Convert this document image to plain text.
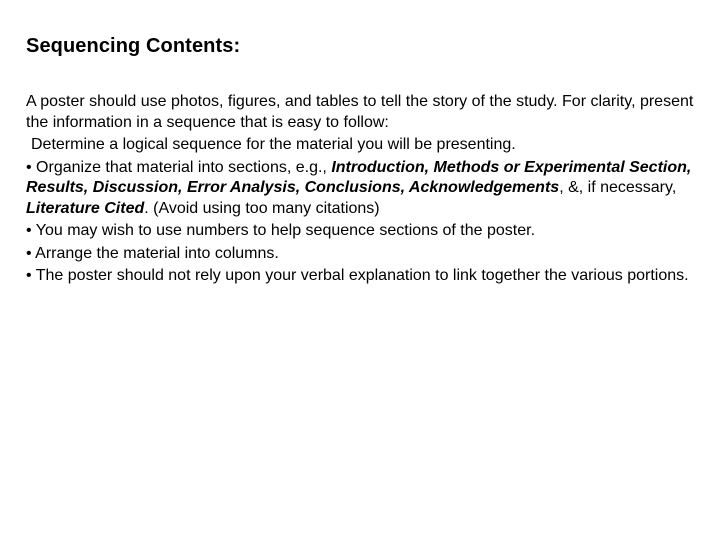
Sequencing Contents:

A poster should use photos, figures, and tables to tell the story of the study. For clarity, present the information in a sequence that is easy to follow:

Determine a logical sequence for the material you will be presenting.

• Organize that material into sections, e.g., Introduction, Methods or Experimental Section, Results, Discussion, Error Analysis, Conclusions, Acknowledgements, &, if necessary, Literature Cited. (Avoid using too many citations)

• You may wish to use numbers to help sequence sections of the poster.

• Arrange the material into columns.

• The poster should not rely upon your verbal explanation to link together the various portions.
